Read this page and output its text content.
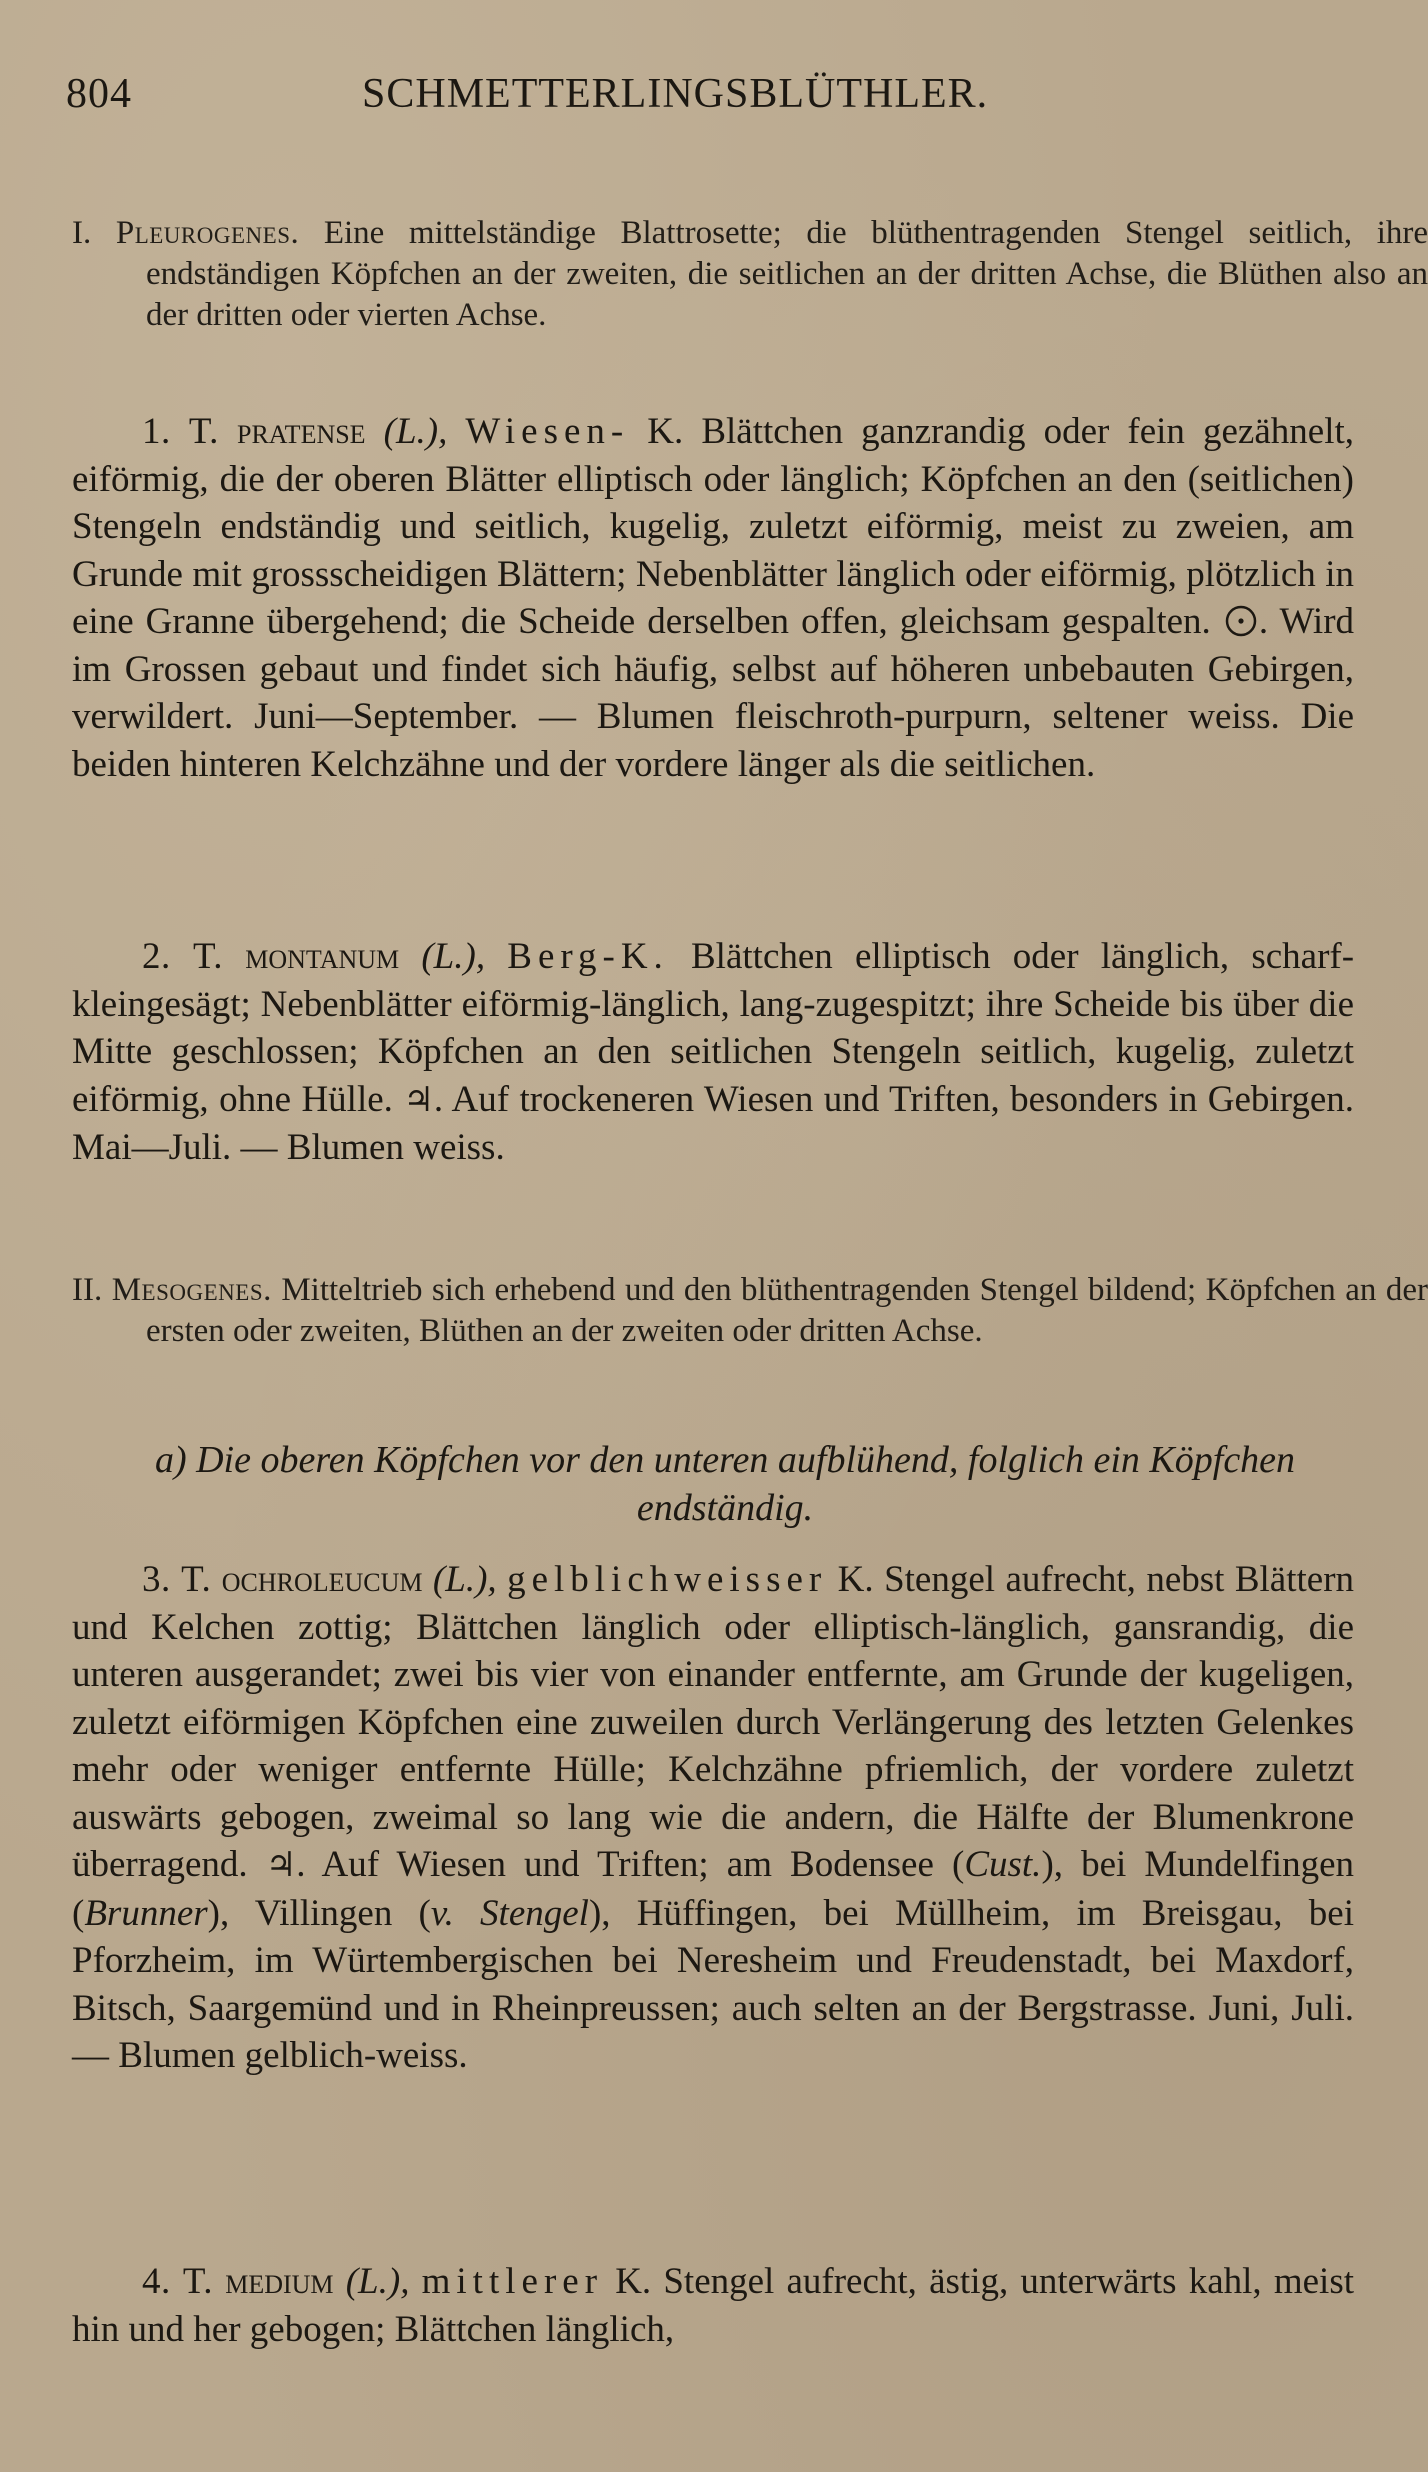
804	SCHMETTERLINGSBLÜTHLER.
I. Pleurogenes. Eine mittelständige Blattrosette; die blüthentragenden Stengel seitlich, ihre endständigen Köpfchen an der zweiten, die seitlichen an der dritten Achse, die Blüthen also an der dritten oder vierten Achse.
1. T. pratense (L.), Wiesen- K. Blättchen ganzrandig oder fein gezähnelt, eiförmig, die der oberen Blätter elliptisch oder länglich; Köpfchen an den (seitlichen) Stengeln endständig und seitlich, kugelig, zuletzt eiförmig, meist zu zweien, am Grunde mit grossscheidigen Blättern; Nebenblätter länglich oder eiförmig, plötzlich in eine Granne übergehend; die Scheide derselben offen, gleichsam gespalten. . Wird im Grossen gebaut und findet sich häufig, selbst auf höheren unbebauten Gebirgen, verwildert. Juni—September. — Blumen fleischroth-purpurn, seltener weiss. Die beiden hinteren Kelchzähne und der vordere länger als die seitlichen.
2. T. montanum (L.), Berg-K. Blättchen elliptisch oder länglich, scharf-kleingesägt; Nebenblätter eiförmig-länglich, lang-zugespitzt; ihre Scheide bis über die Mitte geschlossen; Köpfchen an den seitlichen Stengeln seitlich, kugelig, zuletzt eiförmig, ohne Hülle. ♃. Auf trockeneren Wiesen und Triften, besonders in Gebirgen. Mai—Juli. — Blumen weiss.
II. Mesogenes. Mitteltrieb sich erhebend und den blüthentragenden Stengel bildend; Köpfchen an der ersten oder zweiten, Blüthen an der zweiten oder dritten Achse.
a) Die oberen Köpfchen vor den unteren aufblühend, folglich ein Köpfchen endständig.
3. T. ochroleucum (L.), gelblichweisser K. Stengel aufrecht, nebst Blättern und Kelchen zottig; Blättchen länglich oder elliptisch-länglich, gansrandig, die unteren ausgerandet; zwei bis vier von einander entfernte, am Grunde der kugeligen, zuletzt eiförmigen Köpfchen eine zuweilen durch Verlängerung des letzten Gelenkes mehr oder weniger entfernte Hülle; Kelchzähne pfriemlich, der vordere zuletzt auswärts gebogen, zweimal so lang wie die andern, die Hälfte der Blumenkrone überragend. ♃. Auf Wiesen und Triften; am Bodensee (Cust.), bei Mundelfingen (Brunner), Villingen (v. Stengel), Hüffingen, bei Müllheim, im Breisgau, bei Pforzheim, im Würtembergischen bei Neresheim und Freudenstadt, bei Maxdorf, Bitsch, Saargemünd und in Rheinpreussen; auch selten an der Bergstrasse. Juni, Juli. — Blumen gelblich-weiss.
4. T. medium (L.), mittlerer K. Stengel aufrecht, ästig, unterwärts kahl, meist hin und her gebogen; Blättchen länglich,
